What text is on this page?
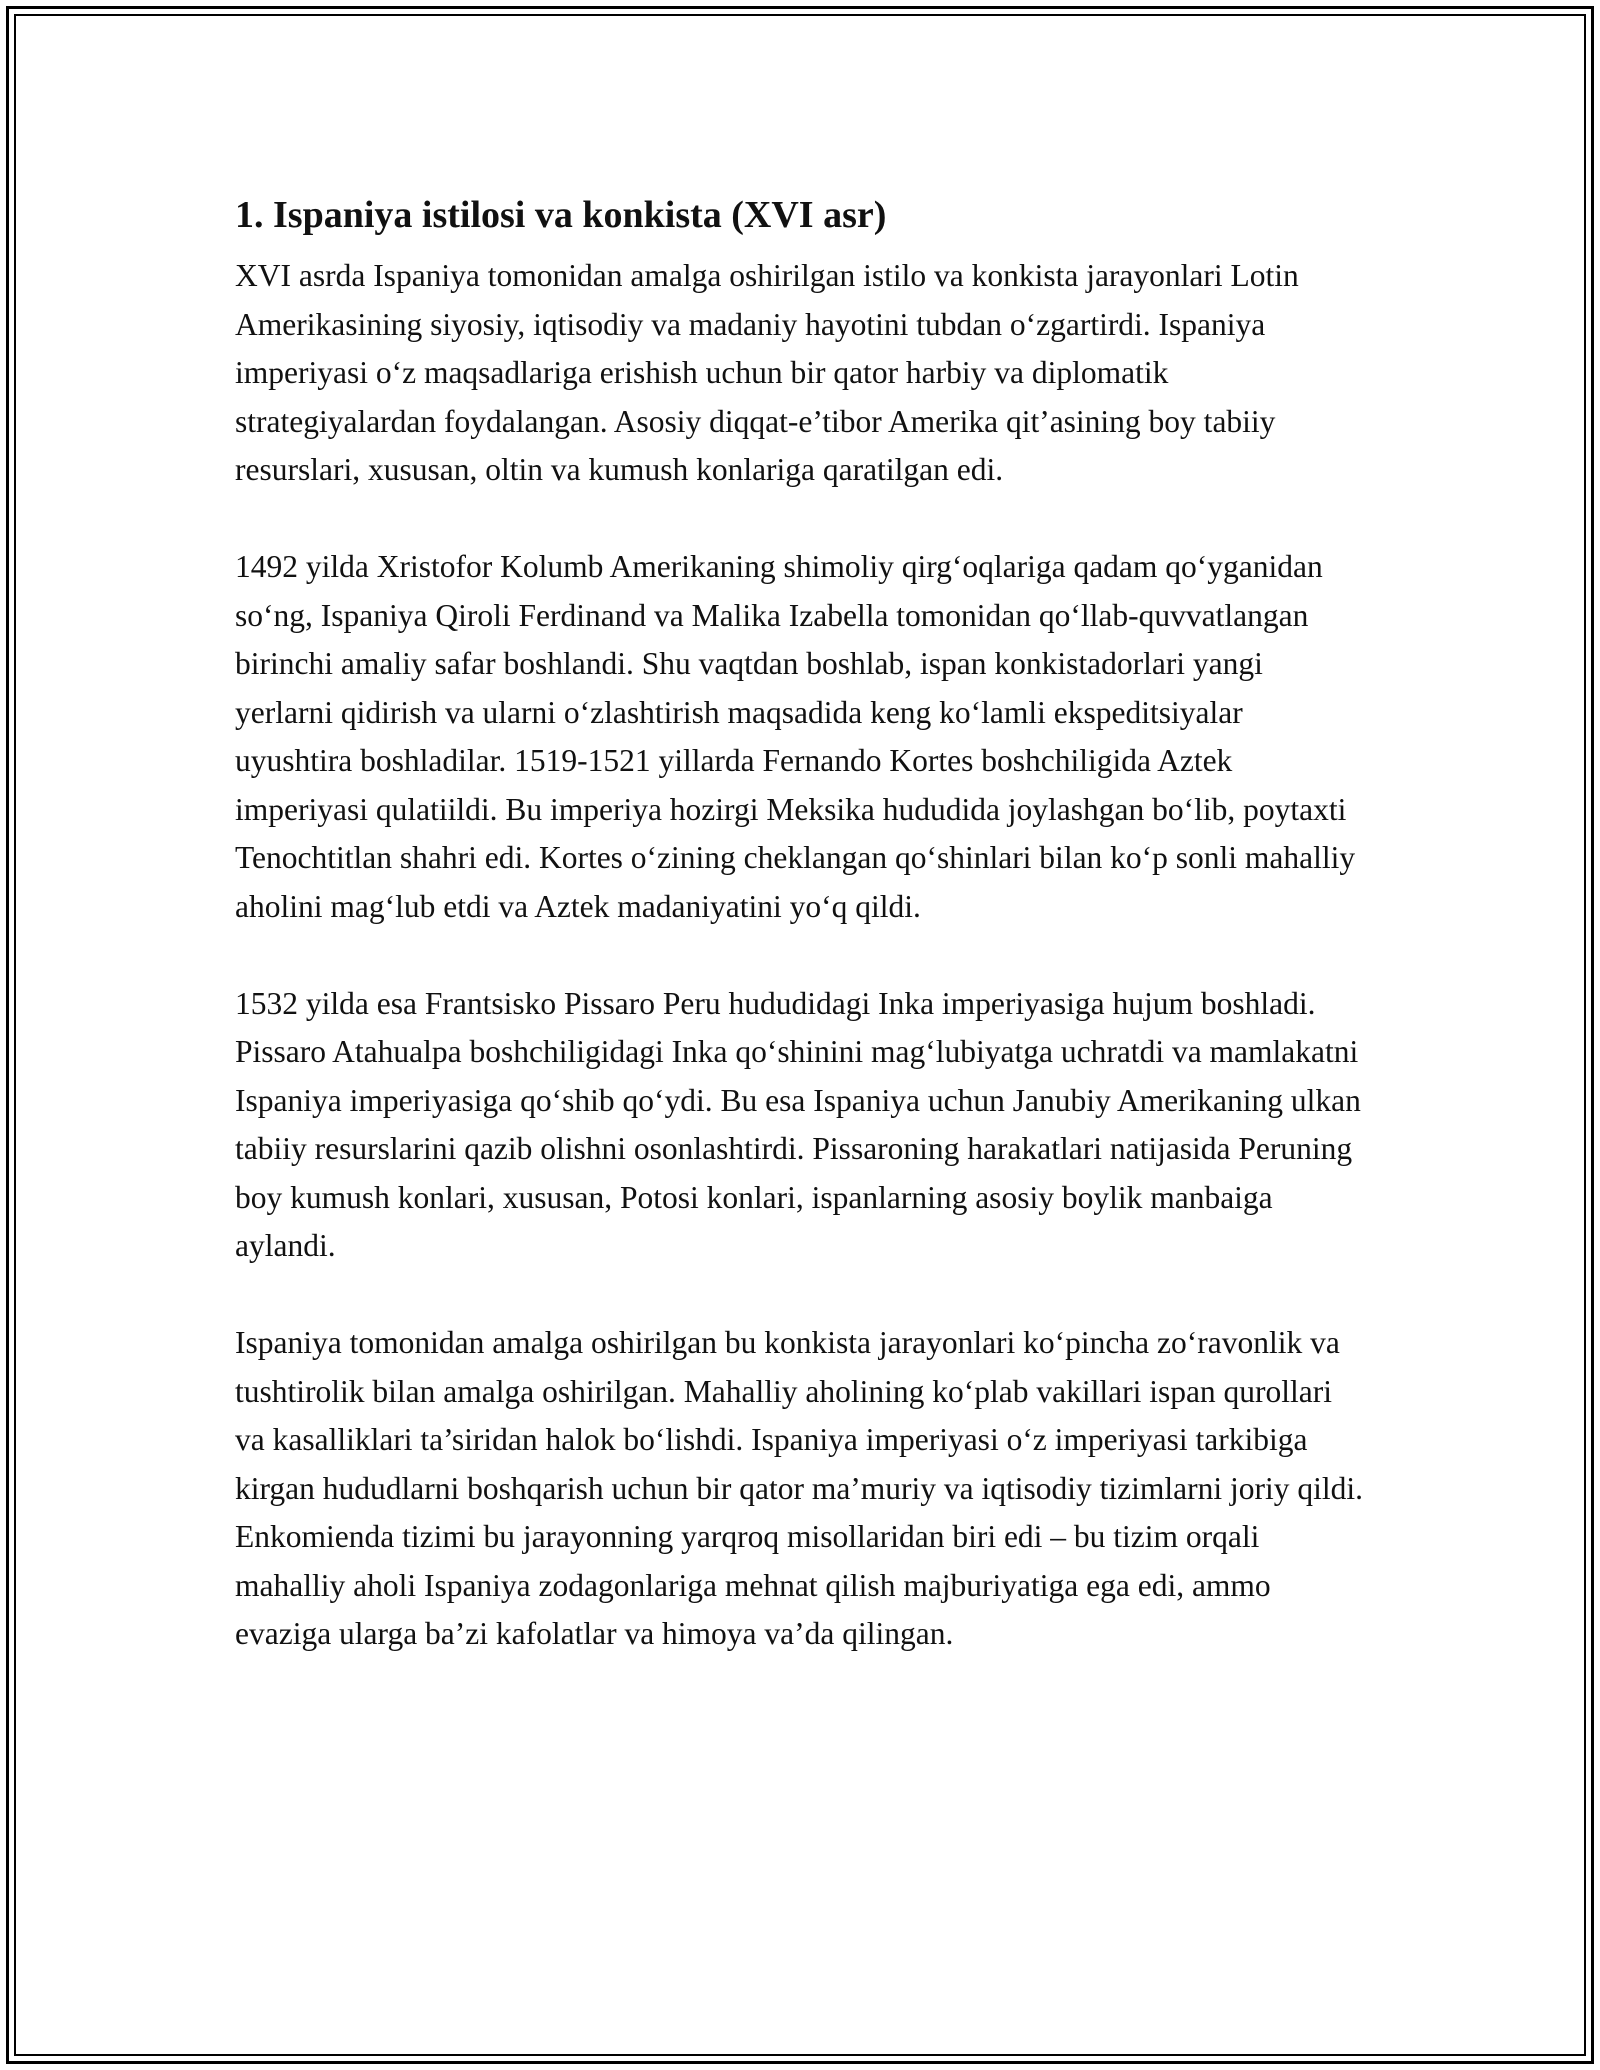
1. Ispaniya istilosi va konkista (XVI asr)

XVI asrda Ispaniya tomonidan amalga oshirilgan istilo va konkista jarayonlari Lotin Amerikasining siyosiy, iqtisodiy va madaniy hayotini tubdan o‘zgartirdi. Ispaniya imperiyasi o‘z maqsadlariga erishish uchun bir qator harbiy va diplomatik strategiyalardan foydalangan. Asosiy diqqat-e’tibor Amerika qit’asining boy tabiiy resurslari, xususan, oltin va kumush konlariga qaratilgan edi.

1492 yilda Xristofor Kolumb Amerikaning shimoliy qirg‘oqlariga qadam qo‘yganidan so‘ng, Ispaniya Qiroli Ferdinand va Malika Izabella tomonidan qo‘llab-quvvatlangan birinchi amaliy safar boshlandi. Shu vaqtdan boshlab, ispan konkistadorlari yangi yerlarni qidirish va ularni o‘zlashtirish maqsadida keng ko‘lamli ekspeditsiyalar uyushtira boshladilar. 1519-1521 yillarda Fernando Kortes boshchiligida Aztek imperiyasi qulatiildi. Bu imperiya hozirgi Meksika hududida joylashgan bo‘lib, poytaxti Tenochtitlan shahri edi. Kortes o‘zining cheklangan qo‘shinlari bilan ko‘p sonli mahalliy aholini mag‘lub etdi va Aztek madaniyatini yo‘q qildi.

1532 yilda esa Frantsisko Pissaro Peru hududidagi Inka imperiyasiga hujum boshladi. Pissaro Atahualpa boshchiligidagi Inka qo‘shinini mag‘lubiyatga uchratdi va mamlakatni Ispaniya imperiyasiga qo‘shib qo‘ydi. Bu esa Ispaniya uchun Janubiy Amerikaning ulkan tabiiy resurslarini qazib olishni osonlashtirdi. Pissaroning harakatlari natijasida Peruning boy kumush konlari, xususan, Potosi konlari, ispanlarning asosiy boylik manbaiga aylandi.

Ispaniya tomonidan amalga oshirilgan bu konkista jarayonlari ko‘pincha zo‘ravonlik va tushtirolik bilan amalga oshirilgan. Mahalliy aholining ko‘plab vakillari ispan qurollari va kasalliklari ta’siridan halok bo‘lishdi. Ispaniya imperiyasi o‘z imperiyasi tarkibiga kirgan hududlarni boshqarish uchun bir qator ma’muriy va iqtisodiy tizimlarni joriy qildi. Enkomienda tizimi bu jarayonning yarqroq misollaridan biri edi – bu tizim orqali mahalliy aholi Ispaniya zodagonlariga mehnat qilish majburiyatiga ega edi, ammo evaziga ularga ba’zi kafolatlar va himoya va’da qilingan.
